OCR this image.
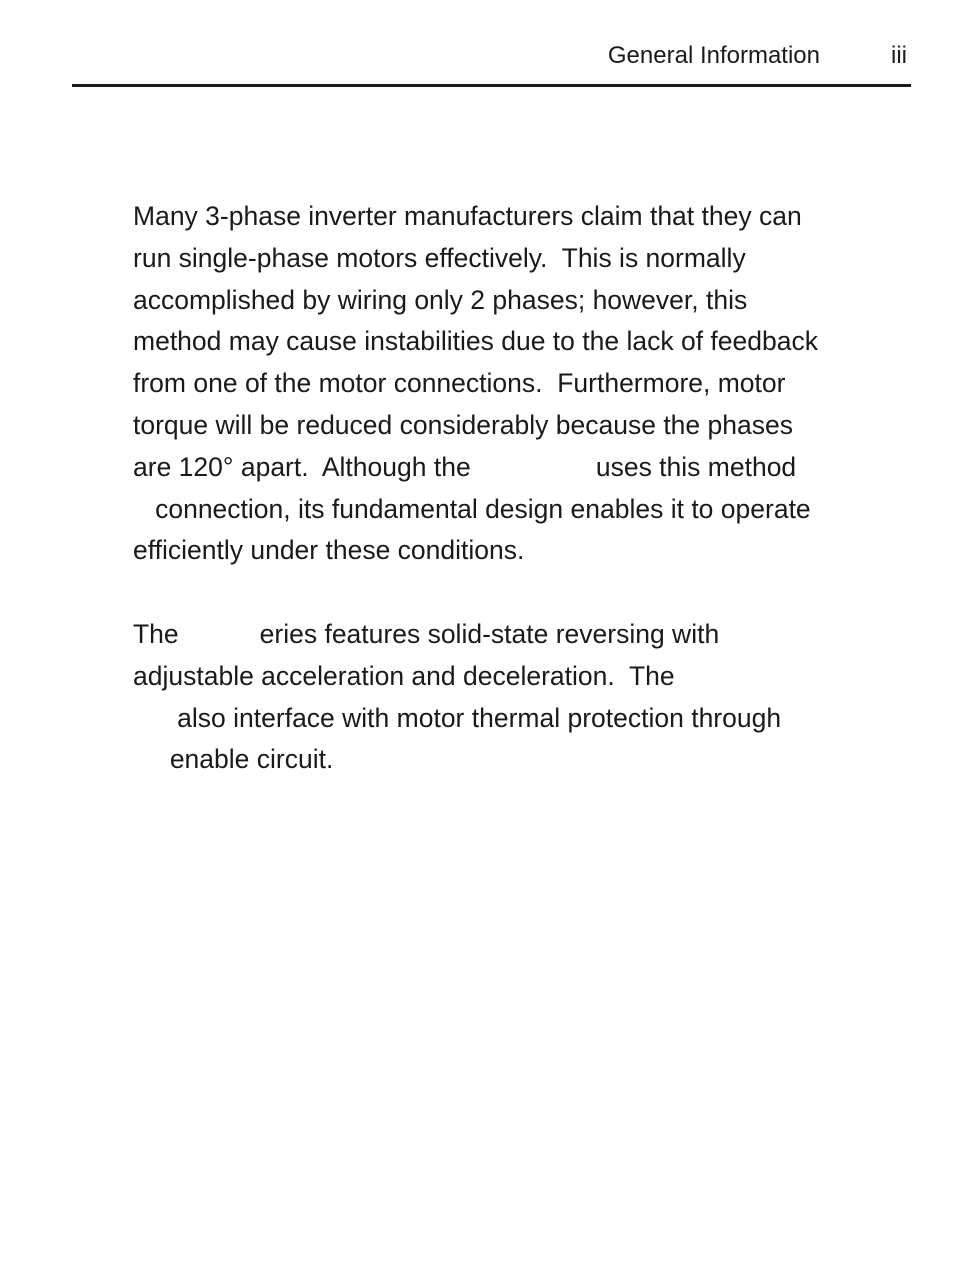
General Information	iii
Many 3-phase inverter manufacturers claim that they can
run single-phase motors effectively.  This is normally
accomplished by wiring only 2 phases; however, this
method may cause instabilities due to the lack of feedback
from one of the motor connections.  Furthermore, motor
torque will be reduced considerably because the phases
are 120° apart.  Although the                 uses this method
connection, its fundamental design enables it to operate
efficiently under these conditions.
The           eries features solid-state reversing with
adjustable acceleration and deceleration.  The
also interface with motor thermal protection through
enable circuit.
